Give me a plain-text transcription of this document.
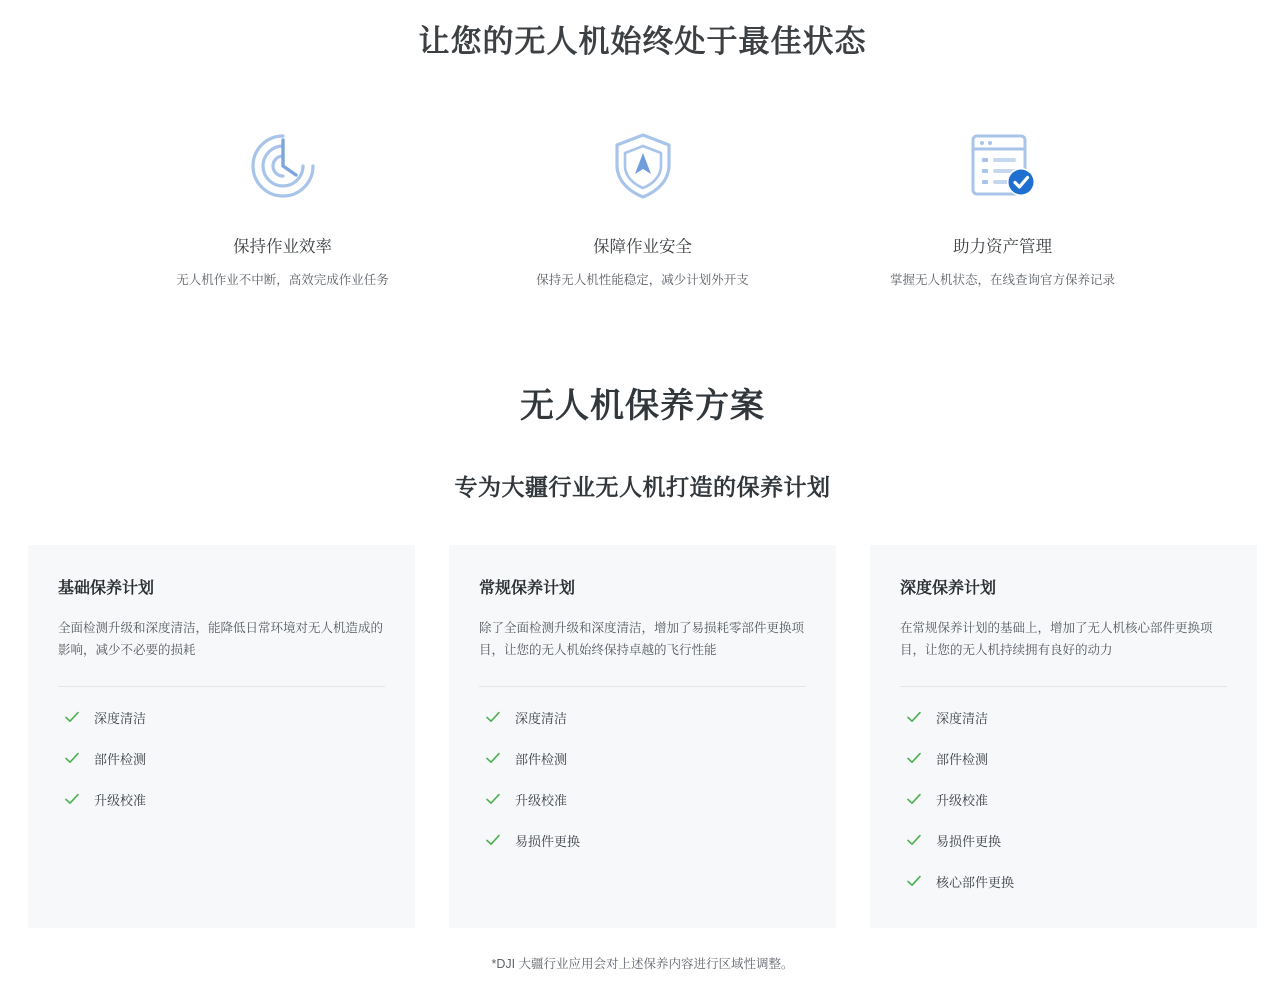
让您的无人机始终处于最佳状态
保持作业效率
无人机作业不中断，高效完成作业任务
保障作业安全
保持无人机性能稳定，减少计划外开支
助力资产管理
掌握无人机状态，在线查询官方保养记录
无人机保养方案
专为大疆行业无人机打造的保养计划
基础保养计划

全面检测升级和深度清洁，能降低日常环境对无人机造成的影响，减少不必要的损耗

深度清洁
部件检测
升级校准
常规保养计划

除了全面检测升级和深度清洁，增加了易损耗零部件更换项目，让您的无人机始终保持卓越的飞行性能

深度清洁
部件检测
升级校准
易损件更换
深度保养计划

在常规保养计划的基础上，增加了无人机核心部件更换项目，让您的无人机持续拥有良好的动力

深度清洁
部件检测
升级校准
易损件更换
核心部件更换
*DJI 大疆行业应用会对上述保养内容进行区域性调整。
